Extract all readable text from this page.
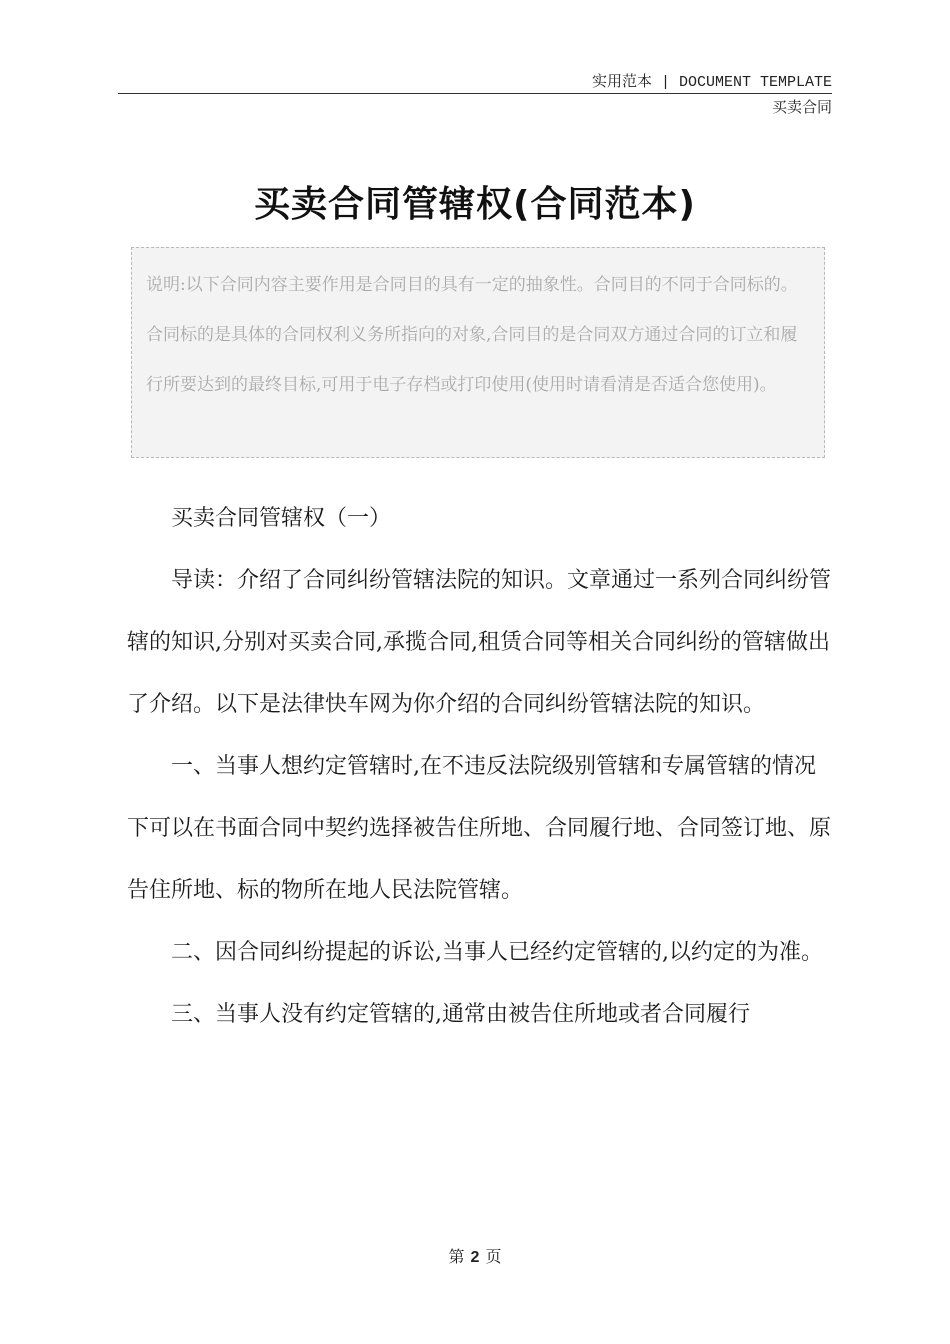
实用范本 | DOCUMENT TEMPLATE
买卖合同
买卖合同管辖权(合同范本)
说明:以下合同内容主要作用是合同目的具有一定的抽象性。合同目的不同于合同标的。合同标的是具体的合同权利义务所指向的对象,合同目的是合同双方通过合同的订立和履行所要达到的最终目标,可用于电子存档或打印使用(使用时请看清是否适合您使用)。

买卖合同管辖权（一）

导读：介绍了合同纠纷管辖法院的知识。文章通过一系列合同纠纷管辖的知识,分别对买卖合同,承揽合同,租赁合同等相关合同纠纷的管辖做出了介绍。以下是法律快车网为你介绍的合同纠纷管辖法院的知识。

一、当事人想约定管辖时,在不违反法院级别管辖和专属管辖的情况下可以在书面合同中契约选择被告住所地、合同履行地、合同签订地、原告住所地、标的物所在地人民法院管辖。

二、因合同纠纷提起的诉讼,当事人已经约定管辖的,以约定的为准。

三、当事人没有约定管辖的,通常由被告住所地或者合同履行

第 2 页
